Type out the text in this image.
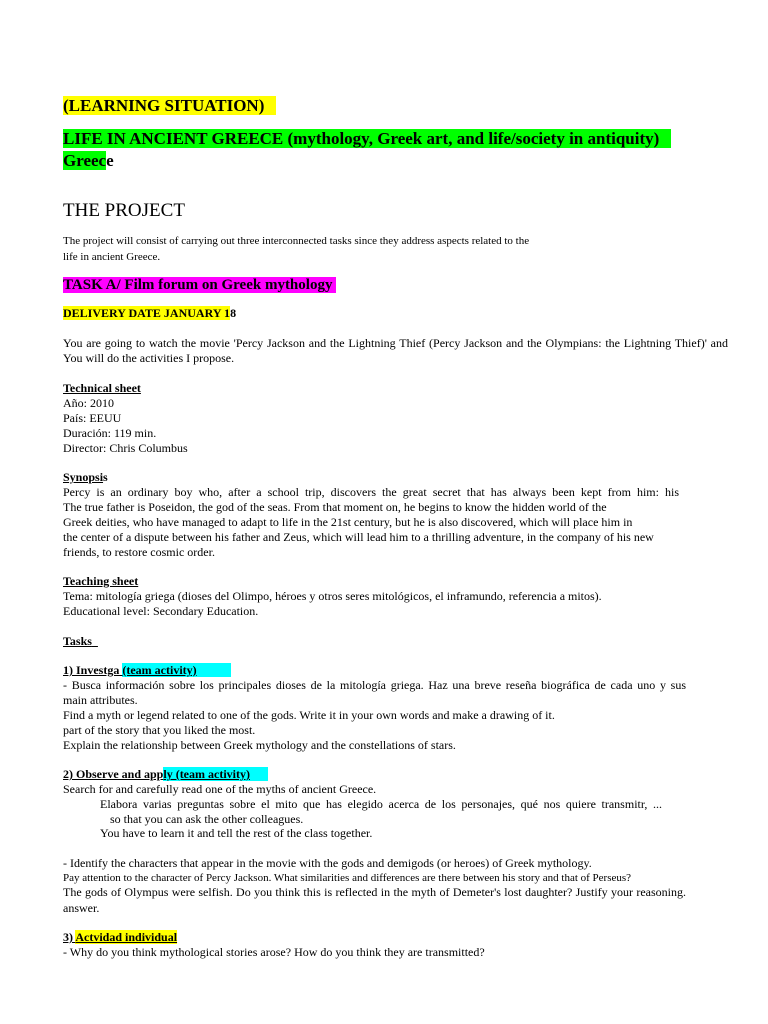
(LEARNING SITUATION)
LIFE IN ANCIENT GREECE (mythology, Greek art, and life/society in antiquity)
Greece
THE PROJECT
The project will consist of carrying out three interconnected tasks since they address aspects related to the
life in ancient Greece.
TASK A/ Film forum on Greek mythology
DELIVERY DATE JANUARY 18
You are going to watch the movie 'Percy Jackson and the Lightning Thief (Percy Jackson and the Olympians: the Lightning Thief)' and
You will do the activities I propose.
Technical sheet
Año: 2010
País: EEUU
Duración: 119 min.
Director: Chris Columbus
Synopsis
Percy is an ordinary boy who, after a school trip, discovers the great secret that has always been kept from him: his
The true father is Poseidon, the god of the seas. From that moment on, he begins to know the hidden world of the
Greek deities, who have managed to adapt to life in the 21st century, but he is also discovered, which will place him in
the center of a dispute between his father and Zeus, which will lead him to a thrilling adventure, in the company of his new
friends, to restore cosmic order.
Teaching sheet
Tema: mitología griega (dioses del Olimpo, héroes y otros seres mitológicos, el inframundo, referencia a mitos).
Educational level: Secondary Education.
Tasks
1) Investga (team activity)
- Busca información sobre los principales dioses de la mitología griega. Haz una breve reseña biográfica de cada uno y sus
main attributes.
Find a myth or legend related to one of the gods. Write it in your own words and make a drawing of it.
part of the story that you liked the most.
Explain the relationship between Greek mythology and the constellations of stars.
2) Observe and apply (team activity)
Search for and carefully read one of the myths of ancient Greece.
Elabora varias preguntas sobre el mito que has elegido acerca de los personajes, qué nos quiere transmitr, ...
so that you can ask the other colleagues.
You have to learn it and tell the rest of the class together.
- Identify the characters that appear in the movie with the gods and demigods (or heroes) of Greek mythology.
Pay attention to the character of Percy Jackson. What similarities and differences are there between his story and that of Perseus?
The gods of Olympus were selfish. Do you think this is reflected in the myth of Demeter's lost daughter? Justify your reasoning.
answer.
3) Actvidad individual
- Why do you think mythological stories arose? How do you think they are transmitted?
